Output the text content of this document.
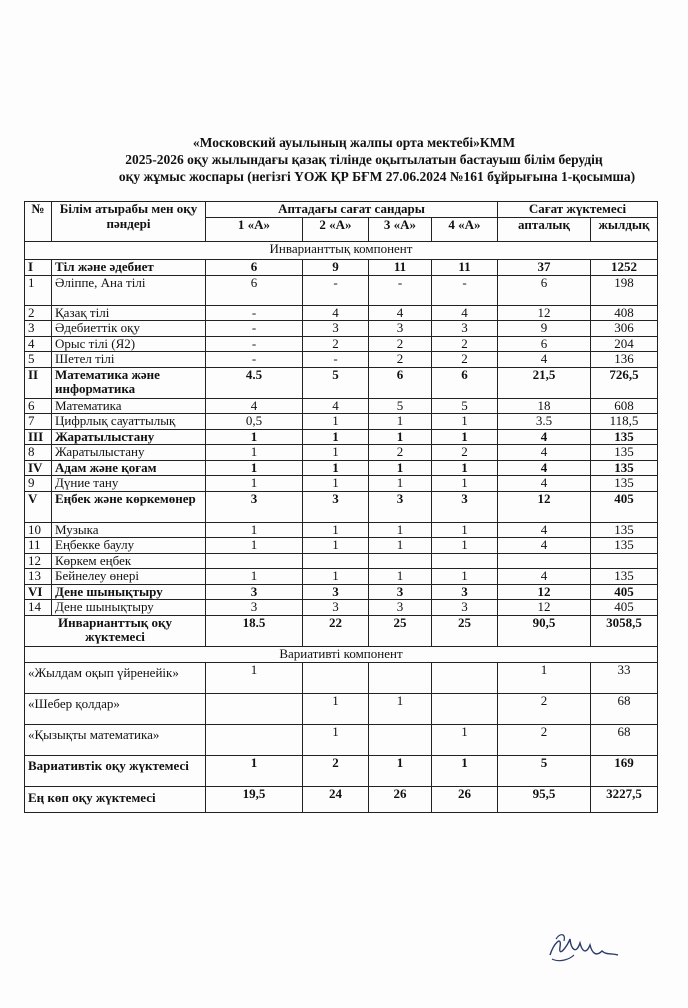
«Московский ауылының жалпы орта мектебі»КММ
2025-2026 оқу жылындағы қазақ тілінде оқытылатын бастауыш білім берудің
оқу жұмыс жоспары (негізгі ҮОЖ ҚР БҒМ 27.06.2024 №161 бұйрығына 1-қосымша)
№	Білім атырабы мен оқу пәндері	Аптадағы сағат сандары				Сағат жүктемесі	
		1 «А»	2 «А»	3 «А»	4 «А»	апталық	жылдық
Инварианттық компонент							
I	Тіл және әдебиет	6	9	11	11	37	1252
1	Әліппе, Ана тілі	6	-	-	-	6	198
2	Қазақ тілі	-	4	4	4	12	408
3	Әдебиеттік оқу	-	3	3	3	9	306
4	Орыс тілі (Я2)	-	2	2	2	6	204
5	Шетел тілі	-	-	2	2	4	136
II	Математика және информатика	4.5	5	6	6	21,5	726,5
6	Математика	4	4	5	5	18	608
7	Цифрлық сауаттылық	0,5	1	1	1	3.5	118,5
III	Жаратылыстану	1	1	1	1	4	135
8	Жаратылыстану	1	1	2	2	4	135
IV	Адам және қоғам	1	1	1	1	4	135
9	Дүние тану	1	1	1	1	4	135
V	Еңбек және көркемөнер	3	3	3	3	12	405
10	Музыка	1	1	1	1	4	135
11	Еңбекке баулу	1	1	1	1	4	135
12	Көркем еңбек						
13	Бейнелеу өнері	1	1	1	1	4	135
VI	Дене шынықтыру	3	3	3	3	12	405
14	Дене шынықтыру	3	3	3	3	12	405
Инварианттық оқу жүктемесі		18.5	22	25	25	90,5	3058,5
Вариативті компонент							
«Жылдам оқып үйренейік»		1				1	33
«Шебер қолдар»			1	1		2	68
«Қызықты математика»			1		1	2	68
Вариативтік оқу жүктемесі		1	2	1	1	5	169
Ең көп оқу жүктемесі		19,5	24	26	26	95,5	3227,5
